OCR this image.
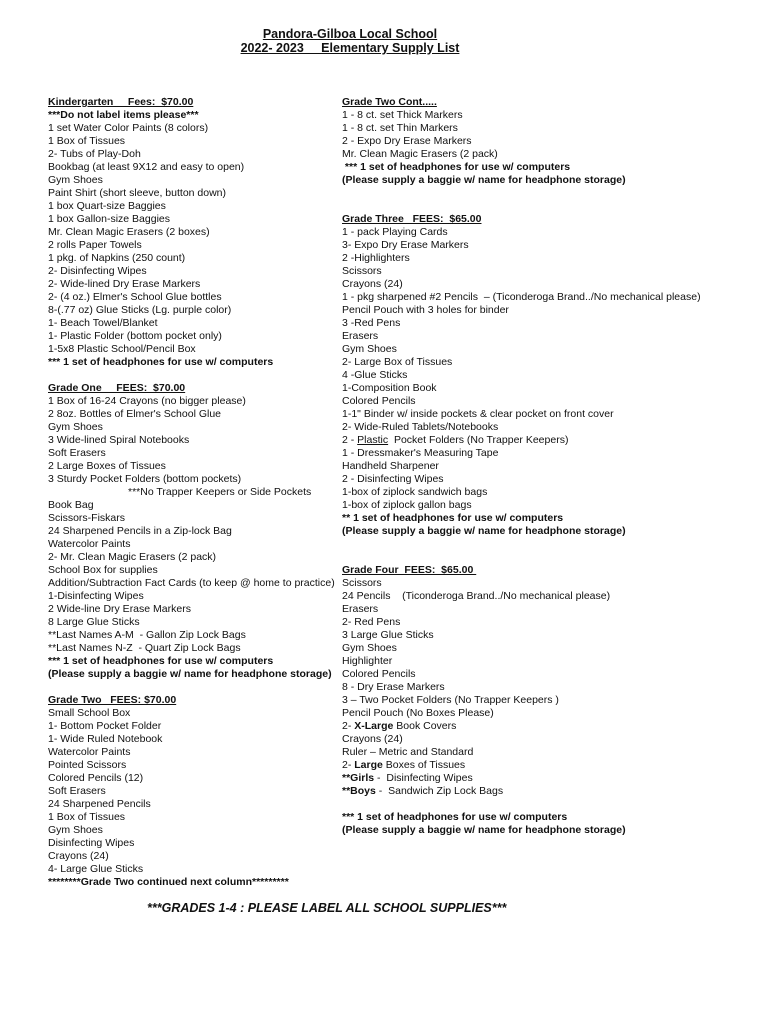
Pandora-Gilboa Local School
2022- 2023     Elementary Supply List
Kindergarten     Fees:  $70.00
***Do not label items please***
1 set Water Color Paints (8 colors)
1 Box of Tissues
2- Tubs of Play-Doh
Bookbag (at least 9X12 and easy to open)
Gym Shoes
Paint Shirt (short sleeve, button down)
1 box Quart-size Baggies
1 box Gallon-size Baggies
Mr. Clean Magic Erasers (2 boxes)
2 rolls Paper Towels
1 pkg. of Napkins (250 count)
2- Disinfecting Wipes
2- Wide-lined Dry Erase Markers
2- (4 oz.) Elmer's School Glue bottles
8-(.77 oz) Glue Sticks (Lg. purple color)
1- Beach Towel/Blanket
1- Plastic Folder (bottom pocket only)
1-5x8 Plastic School/Pencil Box
*** 1 set of headphones for use w/ computers
Grade One     FEES:  $70.00
1 Box of 16-24 Crayons (no bigger please)
2 8oz. Bottles of Elmer's School Glue
Gym Shoes
3 Wide-lined Spiral Notebooks
Soft Erasers
2 Large Boxes of Tissues
3 Sturdy Pocket Folders (bottom pockets)
***No Trapper Keepers or Side Pockets
Book Bag
Scissors-Fiskars
24 Sharpened Pencils in a Zip-lock Bag
Watercolor Paints
2- Mr. Clean Magic Erasers (2 pack)
School Box for supplies
Addition/Subtraction Fact Cards (to keep @ home to practice)
1-Disinfecting Wipes
2 Wide-line Dry Erase Markers
8 Large Glue Sticks
**Last Names A-M  - Gallon Zip Lock Bags
**Last Names N-Z  - Quart Zip Lock Bags
*** 1 set of headphones for use w/ computers
(Please supply a baggie w/ name for headphone storage)
Grade Two   FEES: $70.00
Small School Box
1- Bottom Pocket Folder
1- Wide Ruled Notebook
Watercolor Paints
Pointed Scissors
Colored Pencils (12)
Soft Erasers
24 Sharpened Pencils
1 Box of Tissues
Gym Shoes
Disinfecting Wipes
Crayons (24)
4- Large Glue Sticks
********Grade Two continued next column*********
Grade Two Cont.....
1 - 8 ct. set Thick Markers
1 - 8 ct. set Thin Markers
2 - Expo Dry Erase Markers
Mr. Clean Magic Erasers (2 pack)
*** 1 set of headphones for use w/ computers
(Please supply a baggie w/ name for headphone storage)
Grade Three   FEES:  $65.00
1 - pack Playing Cards
3- Expo Dry Erase Markers
2 -Highlighters
Scissors
Crayons (24)
1 - pkg sharpened #2 Pencils  – (Ticonderoga Brand../No mechanical please)
Pencil Pouch with 3 holes for binder
3 -Red Pens
Erasers
Gym Shoes
2- Large Box of Tissues
4 -Glue Sticks
1-Composition Book
Colored Pencils
1-1" Binder w/ inside pockets & clear pocket on front cover
2- Wide-Ruled Tablets/Notebooks
2 - Plastic  Pocket Folders (No Trapper Keepers)
1 - Dressmaker's Measuring Tape
Handheld Sharpener
2 - Disinfecting Wipes
1-box of ziplock sandwich bags
1-box of ziplock gallon bags
** 1 set of headphones for use w/ computers
(Please supply a baggie w/ name for headphone storage)
Grade Four  FEES:  $65.00
Scissors
24 Pencils    (Ticonderoga Brand../No mechanical please)
Erasers
2- Red Pens
3 Large Glue Sticks
Gym Shoes
Highlighter
Colored Pencils
8 - Dry Erase Markers
3 – Two Pocket Folders (No Trapper Keepers )
Pencil Pouch (No Boxes Please)
2- X-Large Book Covers
Crayons (24)
Ruler – Metric and Standard
2- Large Boxes of Tissues
**Girls -  Disinfecting Wipes
**Boys -  Sandwich Zip Lock Bags
*** 1 set of headphones for use w/ computers
(Please supply a baggie w/ name for headphone storage)
***GRADES 1-4 : PLEASE LABEL ALL SCHOOL SUPPLIES***
